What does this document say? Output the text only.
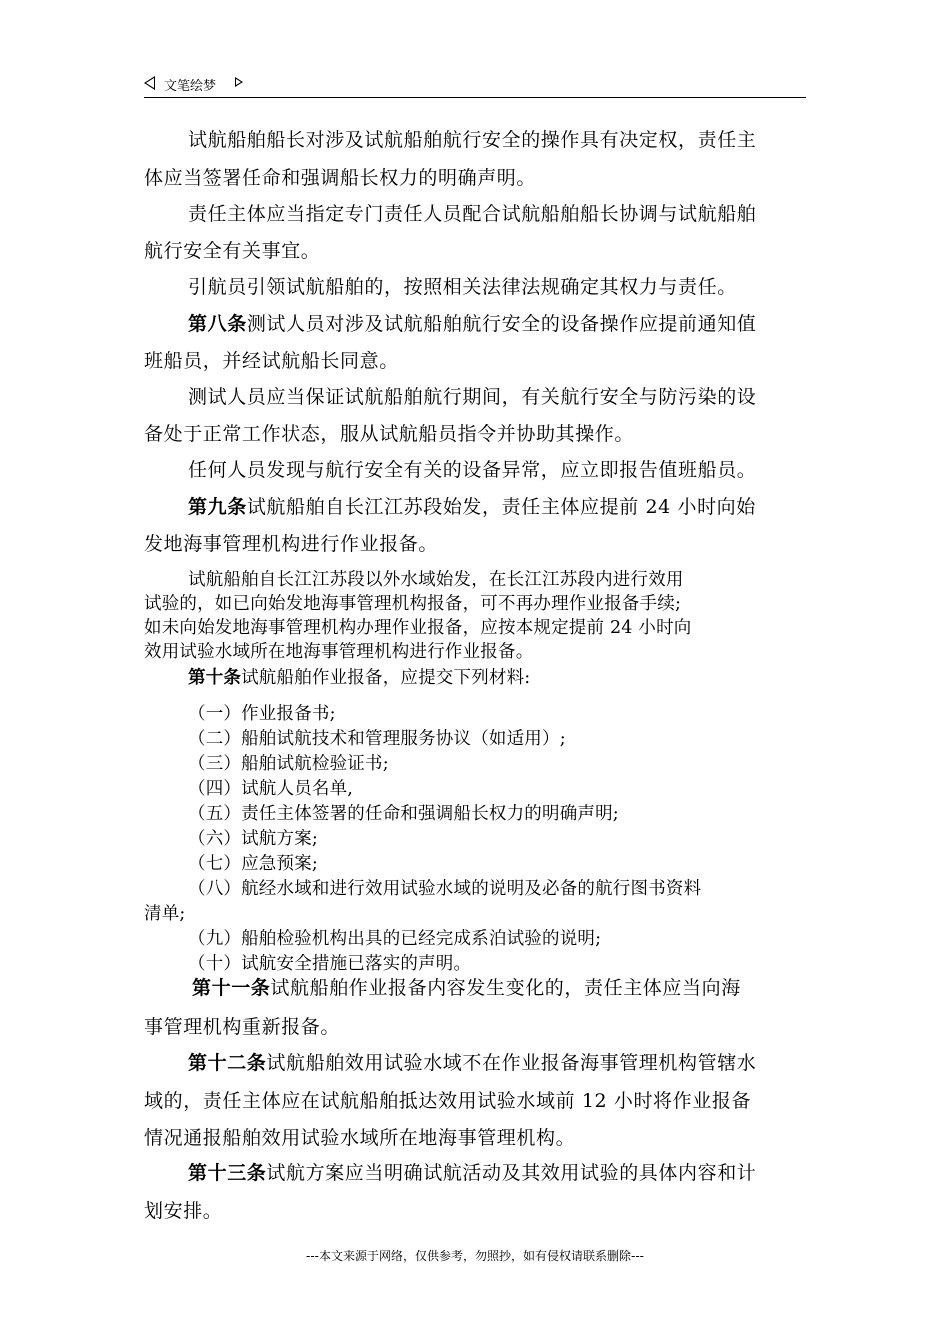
文笔绘梦
试航船舶船长对涉及试航船舶航行安全的操作具有决定权，责任主
体应当签署任命和强调船长权力的明确声明。
责任主体应当指定专门责任人员配合试航船舶船长协调与试航船舶
航行安全有关事宜。
引航员引领试航船舶的，按照相关法律法规确定其权力与责任。
第八条测试人员对涉及试航船舶航行安全的设备操作应提前通知值
班船员，并经试航船长同意。
测试人员应当保证试航船舶航行期间，有关航行安全与防污染的设
备处于正常工作状态，服从试航船员指令并协助其操作。
任何人员发现与航行安全有关的设备异常，应立即报告值班船员。
第九条试航船舶自长江江苏段始发，责任主体应提前 24 小时向始
发地海事管理机构进行作业报备。
试航船舶自长江江苏段以外水域始发，在长江江苏段内进行效用
试验的，如已向始发地海事管理机构报备，可不再办理作业报备手续;
如未向始发地海事管理机构办理作业报备，应按本规定提前 24 小时向
效用试验水域所在地海事管理机构进行作业报备。
第十条试航船舶作业报备，应提交下列材料:
（一）作业报备书;
（二）船舶试航技术和管理服务协议（如适用）;
（三）船舶试航检验证书;
（四）试航人员名单,
（五）责任主体签署的任命和强调船长权力的明确声明;
（六）试航方案;
（七）应急预案;
（八）航经水域和进行效用试验水域的说明及必备的航行图书资料
清单;
（九）船舶检验机构出具的已经完成系泊试验的说明;
（十）试航安全措施已落实的声明。
第十一条试航船舶作业报备内容发生变化的，责任主体应当向海
事管理机构重新报备。
第十二条试航船舶效用试验水域不在作业报备海事管理机构管辖水
域的，责任主体应在试航船舶抵达效用试验水域前 12 小时将作业报备
情况通报船舶效用试验水域所在地海事管理机构。
第十三条试航方案应当明确试航活动及其效用试验的具体内容和计
划安排。
---本文来源于网络，仅供参考，勿照抄，如有侵权请联系删除---
